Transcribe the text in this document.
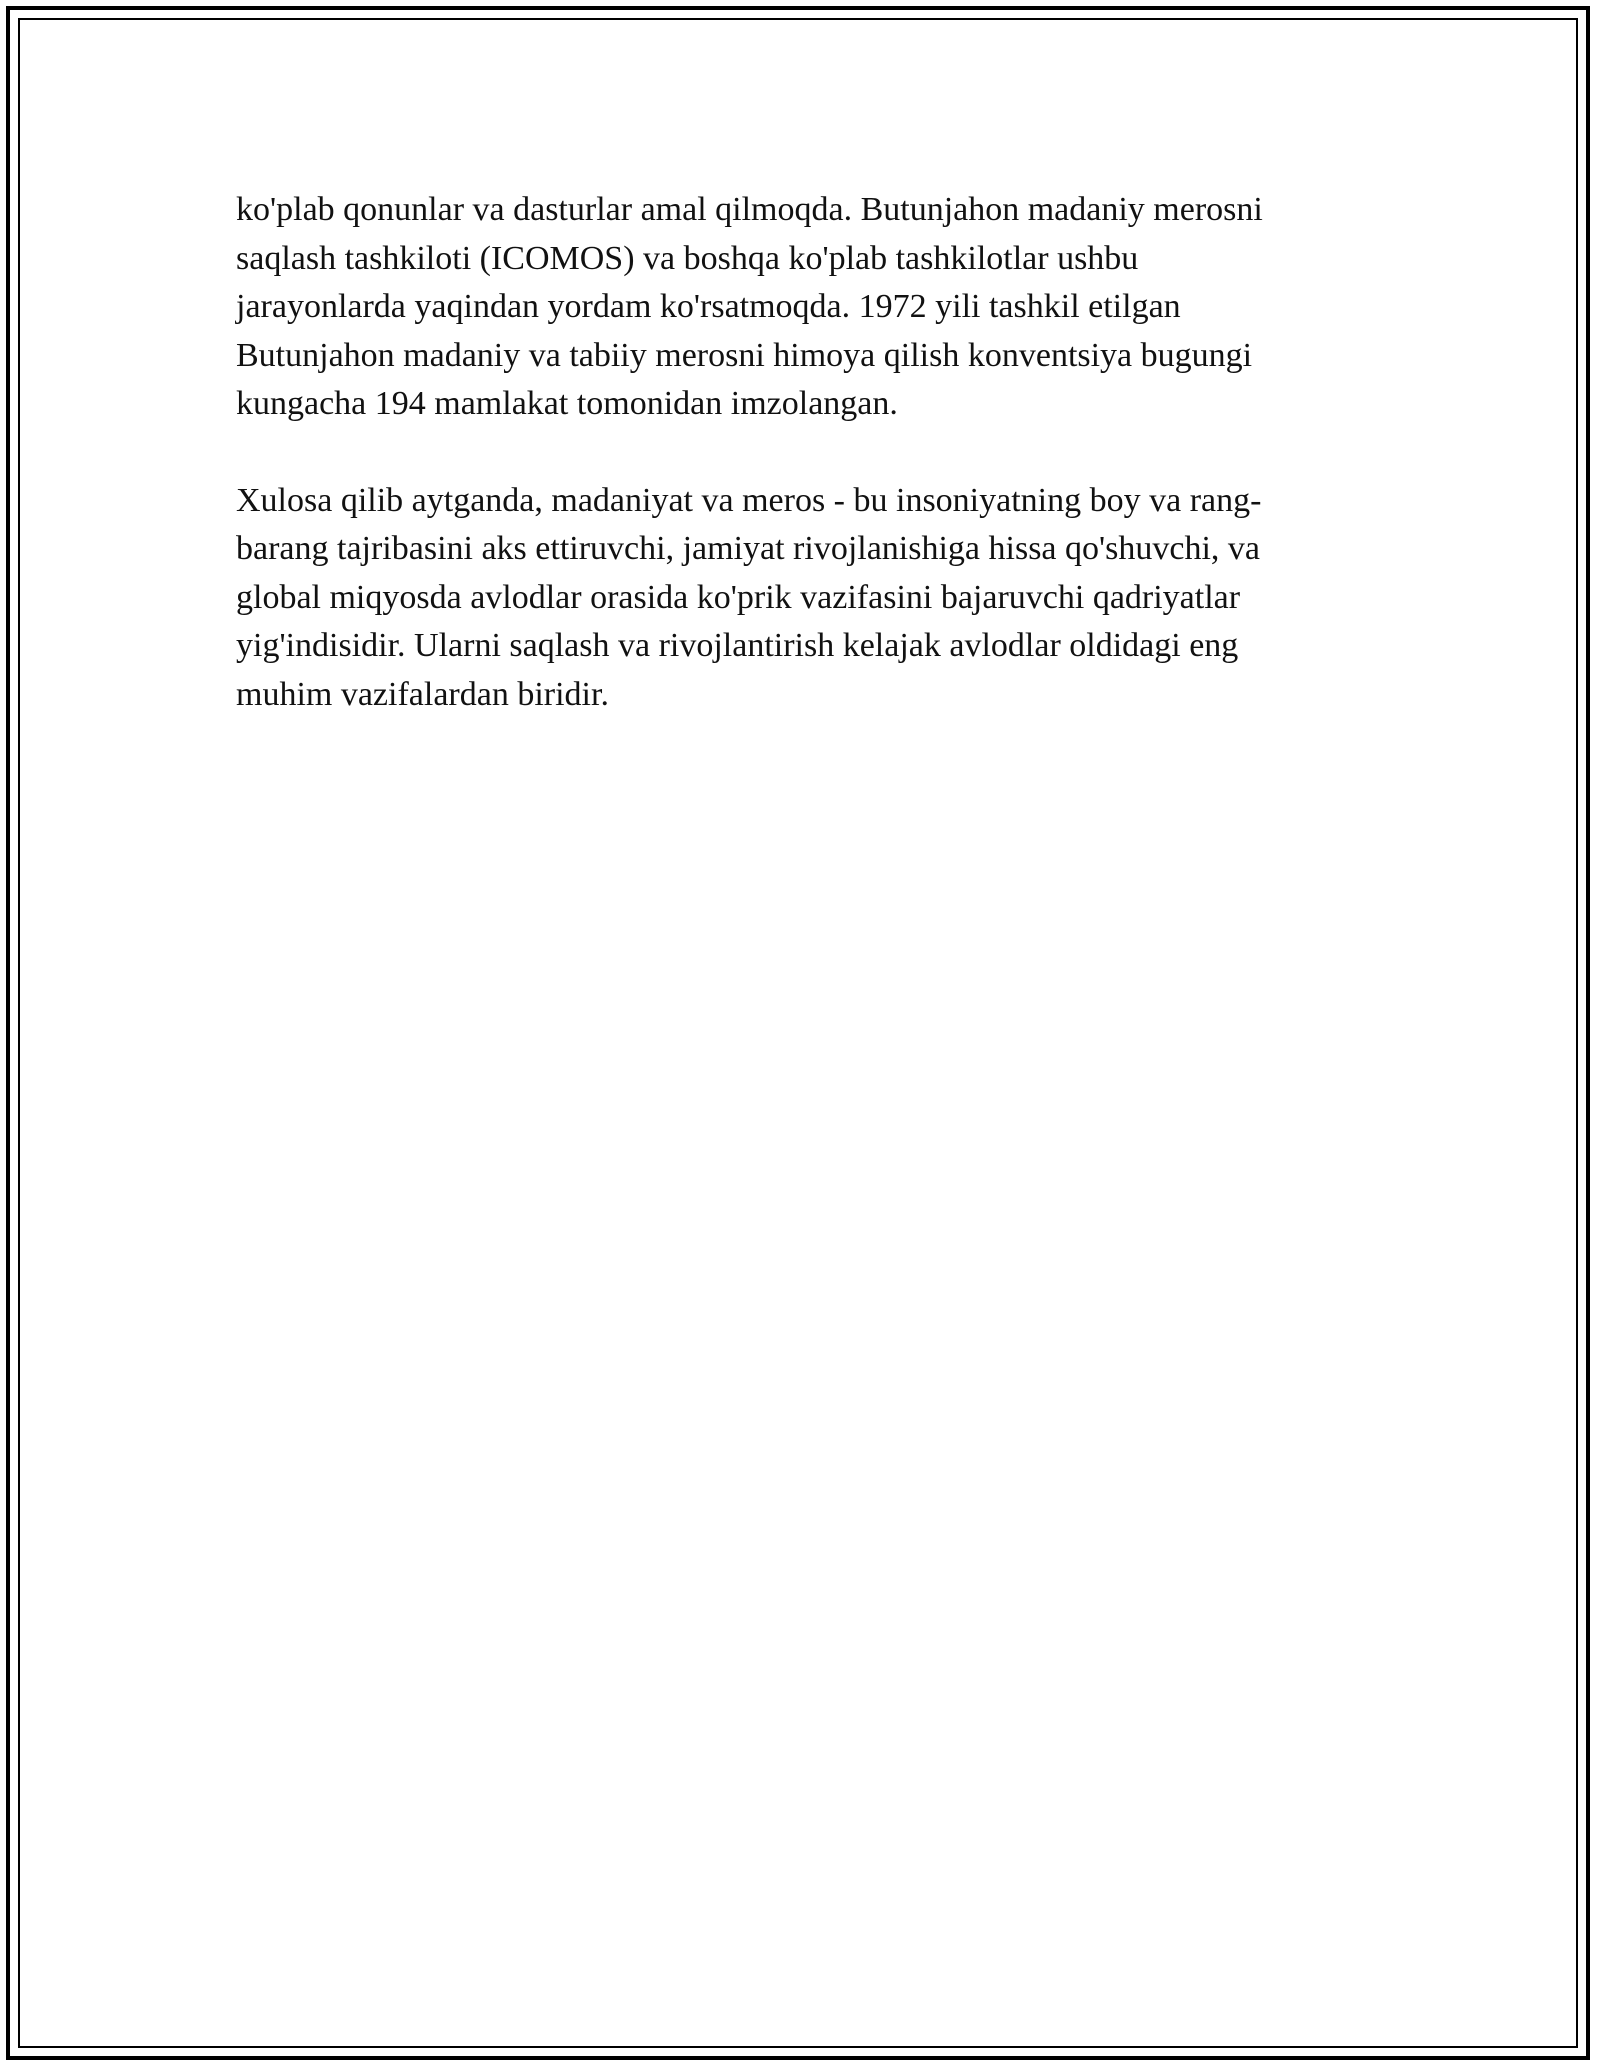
ko'plab qonunlar va dasturlar amal qilmoqda. Butunjahon madaniy merosni
saqlash tashkiloti (ICOMOS) va boshqa ko'plab tashkilotlar ushbu
jarayonlarda yaqindan yordam ko'rsatmoqda. 1972 yili tashkil etilgan
Butunjahon madaniy va tabiiy merosni himoya qilish konventsiya bugungi
kungacha 194 mamlakat tomonidan imzolangan.

Xulosa qilib aytganda, madaniyat va meros - bu insoniyatning boy va rang-
barang tajribasini aks ettiruvchi, jamiyat rivojlanishiga hissa qo'shuvchi, va
global miqyosda avlodlar orasida ko'prik vazifasini bajaruvchi qadriyatlar
yig'indisidir. Ularni saqlash va rivojlantirish kelajak avlodlar oldidagi eng
muhim vazifalardan biridir.
